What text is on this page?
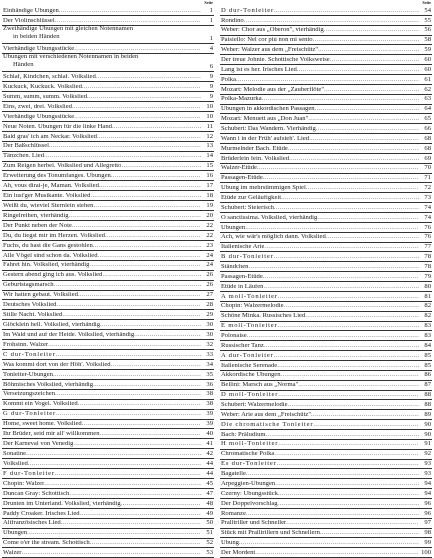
Seite
Einhändige Übungen .....	1
Der Violinschlüssel .....	1
Zweihändige Übungen mit gleichen Notennamen
in beiden Händen	1
Vierhändige Übungsstücke .....	4
Übungen mit verschiedenen Notennamen in beiden
Händen	6
Schlaf, Kindchen, schlaf. Volkslied .....	9
Kuckuck, Kuckuck. Volkslied .....	9
Summ, summ, summ. Volkslied .....	9
Eins, zwei, drei. Volkslied .....	10
Vierhändige Übungsstücke .....	10
Neue Noten. Übungen für die linke Hand .....	11
Bald gras' ich am Neckar. Volkslied .....	12
Der Baßschlüssel .....	13
Tänzchen. Lied .....	14
Zum Reigen herbei. Volkslied und Allegretto .....	15
Erweiterung des Tonumfanges. Übungen .....	16
Ah, vous dirai-je, Maman. Volkslied .....	17
Ein lust'ger Musikante. Volkslied .....	18
Weißt du, wieviel Sternlein stehen .....	19
Ringelreihen, vierhändig .....	20
Der Punkt neben der Note .....	22
Du, du liegst mir im Herzen. Volkslied .....	22
Fuchs, du hast die Gans gestohlen .....	23
Alle Vögel sind schon da. Volkslied .....	24
Fahret hin. Volkslied, vierhändig .....	24
Gestern abend ging ich aus. Volkslied .....	26
Geburtstagsmarsch .....	26
Wir hatten gebaut. Volkslied .....	27
Deutsches Volkslied .....	28
Stille Nacht. Volkslied .....	29
Glöcklein hell. Volkslied, vierhändig .....	30
Im Wald und auf der Heide. Volkslied, vierhändig .....	30
Frohsinn. Walzer .....	32
C dur-Tonleiter .....	33
Was kommt dort von der Höh'. Volkslied .....	34
Tonleiter-Übungen .....	35
Böhmisches Volkslied, vierhändig .....	36
Versetzungszeichen .....	38
Kommt ein Vogel. Volkslied .....	38
G dur-Tonleiter .....	39
Home, sweet home. Volkslied .....	39
Ihr Brüder, seid mir all' willkommen .....	40
Der Karneval von Venedig .....	41
Sonatine .....	42
Volkslied .....	44
F dur-Tonleiter .....	44
Chopin: Walzer .....	45
Duncan Gray: Schottisch .....	47
Drunten im Unterland. Volkslied, vierhändig .....	48
Paddy Croaker. Irisches Lied .....	49
Altfranzösisches Lied .....	50
Übungen .....	51
Come o'er the stream. Schottisch .....	52
Walzer .....	53
Seite
D dur-Tonleiter .....	54
Rondino .....	55
Weber: Chor aus „Oberon", vierhändig .....	56
Paisiello: Nel cor più non mi sento .....	58
Weber: Walzer aus dem „Freischütz" .....	59
Der treue Johnie. Schottische Volksweise .....	60
Lang ist es her. Irisches Lied .....	60
Polka .....	61
Mozart: Melodie aus der „Zauberflöte" .....	62
Polka-Mazurka .....	63
Übungen in akkordischen Passagen .....	64
Mozart: Menuett aus „Don Juan" .....	65
Schubert: Das Wandern. Vierhändig .....	66
Wann i in der Früh' aufsteh'. Lied .....	68
Murmelnder Bach. Etüde .....	68
Brüderlein fein. Volkslied .....	69
Walzer-Etüde .....	70
Passagen-Etüde .....	71
Übung im mehrstimmigen Spiel .....	72
Etüde zur Geläufigkeit .....	73
Schubert: Steierisch .....	74
O sanctissima. Volkslied, vierhändig .....	74
Übungen .....	76
Ach, wie wär's möglich dann. Volkslied .....	76
Italienische Arie .....	77
B dur-Tonleiter .....	78
Ständchen .....	78
Passagen-Etüde .....	79
Etüde in Läufen .....	80
A moll-Tonleiter .....	81
Chopin: Walzermelodie .....	82
Schöne Minka. Russisches Lied .....	82
E moll-Tonleiter .....	83
Polonaise .....	83
Russischer Tanz .....	84
A dur-Tonleiter .....	85
Italienische Serenade .....	85
Akkordische Übungen .....	86
Bellini: Marsch aus „Norma" .....	87
D moll-Tonleiter .....	88
Schubert: Walzermelodie .....	88
Weber: Arie aus dem „Freischütz" .....	89
Die chromatische Tonleiter .....	90
Bach: Präludium .....	90
H moll-Tonleiter .....	91
Chromatische Polka .....	92
Es dur-Tonleiter .....	93
Bagatelle .....	93
Arpeggien-Übungen .....	94
Czerny: Übungsstück .....	94
Der Doppelvorschlag .....	96
Romanze .....	96
Pralltriller und Schneller .....	97
Stück mit Pralltrillern und Schnellern .....	98
Übung .....	99
Der Mordent .....	100
